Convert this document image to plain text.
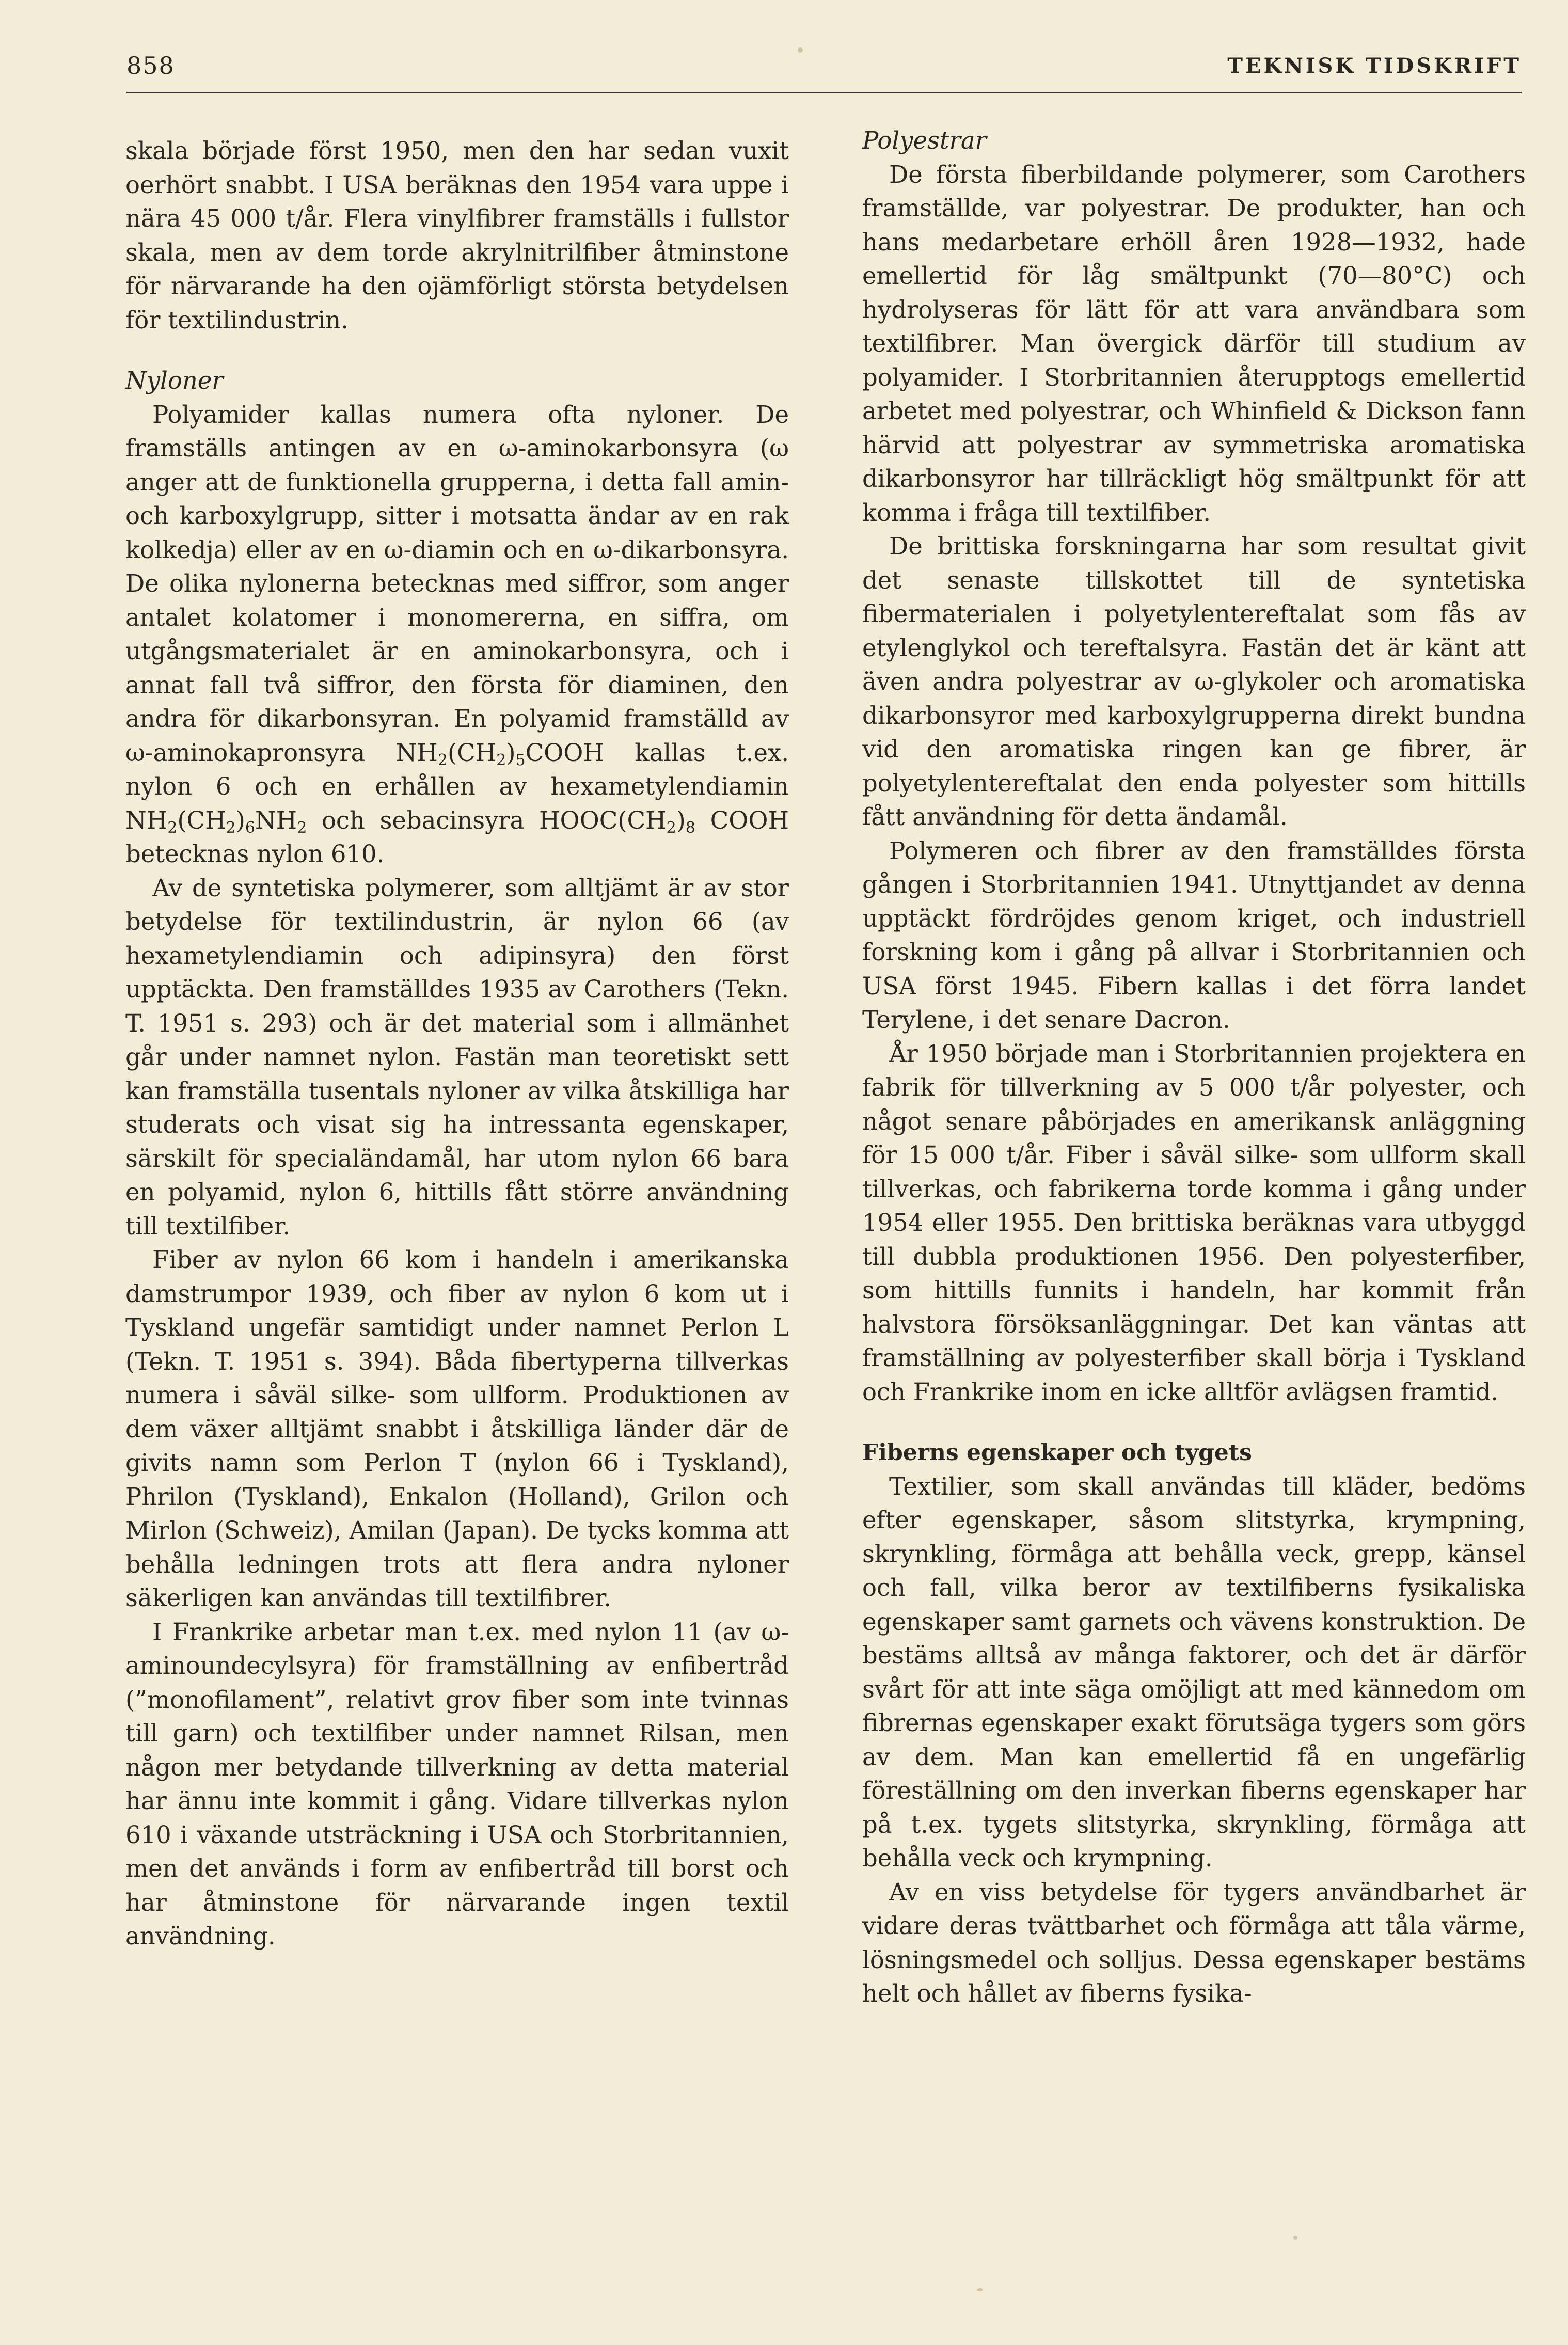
858	TEKNISK TIDSKRIFT

skala började först 1950, men den har sedan vuxit oerhört snabbt. I USA beräknas den 1954 vara uppe i nära 45 000 t/år. Flera vinylfibrer framställs i fullstor skala, men av dem torde akrylnitrilfiber åtminstone för närvarande ha den ojämförligt största betydelsen för textilindustrin.

Nyloner

Polyamider kallas numera ofta nyloner. De framställs antingen av en ω-aminokarbonsyra (ω anger att de funktionella grupperna, i detta fall amin- och karboxylgrupp, sitter i motsatta ändar av en rak kolkedja) eller av en ω-diamin och en ω-dikarbonsyra. De olika nylonerna betecknas med siffror, som anger antalet kolatomer i monomererna, en siffra, om utgångsmaterialet är en aminokarbonsyra, och i annat fall två siffror, den första för diaminen, den andra för dikarbonsyran. En polyamid framställd av ω-aminokapronsyra $NH_2(CH_2)_5COOH$ kallas t.ex. nylon 6 och en erhållen av hexametylendiamin $NH_2(CH_2)_6NH_2$ och sebacinsyra $HOOC(CH_2)_8$ COOH betecknas nylon 610.

Av de syntetiska polymerer, som alltjämt är av stor betydelse för textilindustrin, är nylon 66 (av hexametylendiamin och adipinsyra) den först upptäckta. Den framställdes 1935 av Carothers (Tekn. T. 1951 s. 293) och är det material som i allmänhet går under namnet nylon. Fastän man teoretiskt sett kan framställa tusentals nyloner av vilka åtskilliga har studerats och visat sig ha intressanta egenskaper, särskilt för specialändamål, har utom nylon 66 bara en polyamid, nylon 6, hittills fått större användning till textilfiber.

Fiber av nylon 66 kom i handeln i amerikanska damstrumpor 1939, och fiber av nylon 6 kom ut i Tyskland ungefär samtidigt under namnet Perlon L (Tekn. T. 1951 s. 394). Båda fibertyperna tillverkas numera i såväl silke- som ullform. Produktionen av dem växer alltjämt snabbt i åtskilliga länder där de givits namn som Perlon T (nylon 66 i Tyskland), Phrilon (Tyskland), Enkalon (Holland), Grilon och Mirlon (Schweiz), Amilan (Japan). De tycks komma att behålla ledningen trots att flera andra nyloner säkerligen kan användas till textilfibrer.

I Frankrike arbetar man t.ex. med nylon 11 (av ω-aminoundecylsyra) för framställning av enfibertråd (”monofilament”, relativt grov fiber som inte tvinnas till garn) och textilfiber under namnet Rilsan, men någon mer betydande tillverkning av detta material har ännu inte kommit i gång. Vidare tillverkas nylon 610 i växande utsträckning i USA och Storbritannien, men det används i form av enfibertråd till borst och har åtminstone för närvarande ingen textil användning.

Polyestrar

De första fiberbildande polymerer, som Carothers framställde, var polyestrar. De produkter, han och hans medarbetare erhöll åren 1928—1932, hade emellertid för låg smältpunkt (70—80°C) och hydrolyseras för lätt för att vara användbara som textilfibrer. Man övergick därför till studium av polyamider. I Storbritannien återupptogs emellertid arbetet med polyestrar, och Whinfield & Dickson fann härvid att polyestrar av symmetriska aromatiska dikarbonsyror har tillräckligt hög smältpunkt för att komma i fråga till textilfiber.

De brittiska forskningarna har som resultat givit det senaste tillskottet till de syntetiska fibermaterialen i polyetylentereftalat som fås av etylenglykol och tereftalsyra. Fastän det är känt att även andra polyestrar av ω-glykoler och aromatiska dikarbonsyror med karboxylgrupperna direkt bundna vid den aromatiska ringen kan ge fibrer, är polyetylentereftalat den enda polyester som hittills fått användning för detta ändamål.

Polymeren och fibrer av den framställdes första gången i Storbritannien 1941. Utnyttjandet av denna upptäckt fördröjdes genom kriget, och industriell forskning kom i gång på allvar i Storbritannien och USA först 1945. Fibern kallas i det förra landet Terylene, i det senare Dacron.

År 1950 började man i Storbritannien projektera en fabrik för tillverkning av 5 000 t/år polyester, och något senare påbörjades en amerikansk anläggning för 15 000 t/år. Fiber i såväl silke- som ullform skall tillverkas, och fabrikerna torde komma i gång under 1954 eller 1955. Den brittiska beräknas vara utbyggd till dubbla produktionen 1956. Den polyesterfiber, som hittills funnits i handeln, har kommit från halvstora försöksanläggningar. Det kan väntas att framställning av polyesterfiber skall börja i Tyskland och Frankrike inom en icke alltför avlägsen framtid.

Fiberns egenskaper och tygets

Textilier, som skall användas till kläder, bedöms efter egenskaper, såsom slitstyrka, krympning, skrynkling, förmåga att behålla veck, grepp, känsel och fall, vilka beror av textilfiberns fysikaliska egenskaper samt garnets och vävens konstruktion. De bestäms alltså av många faktorer, och det är därför svårt för att inte säga omöjligt att med kännedom om fibrernas egenskaper exakt förutsäga tygers som görs av dem. Man kan emellertid få en ungefärlig föreställning om den inverkan fiberns egenskaper har på t.ex. tygets slitstyrka, skrynkling, förmåga att behålla veck och krympning.

Av en viss betydelse för tygers användbarhet är vidare deras tvättbarhet och förmåga att tåla värme, lösningsmedel och solljus. Dessa egenskaper bestäms helt och hållet av fiberns fysika-
